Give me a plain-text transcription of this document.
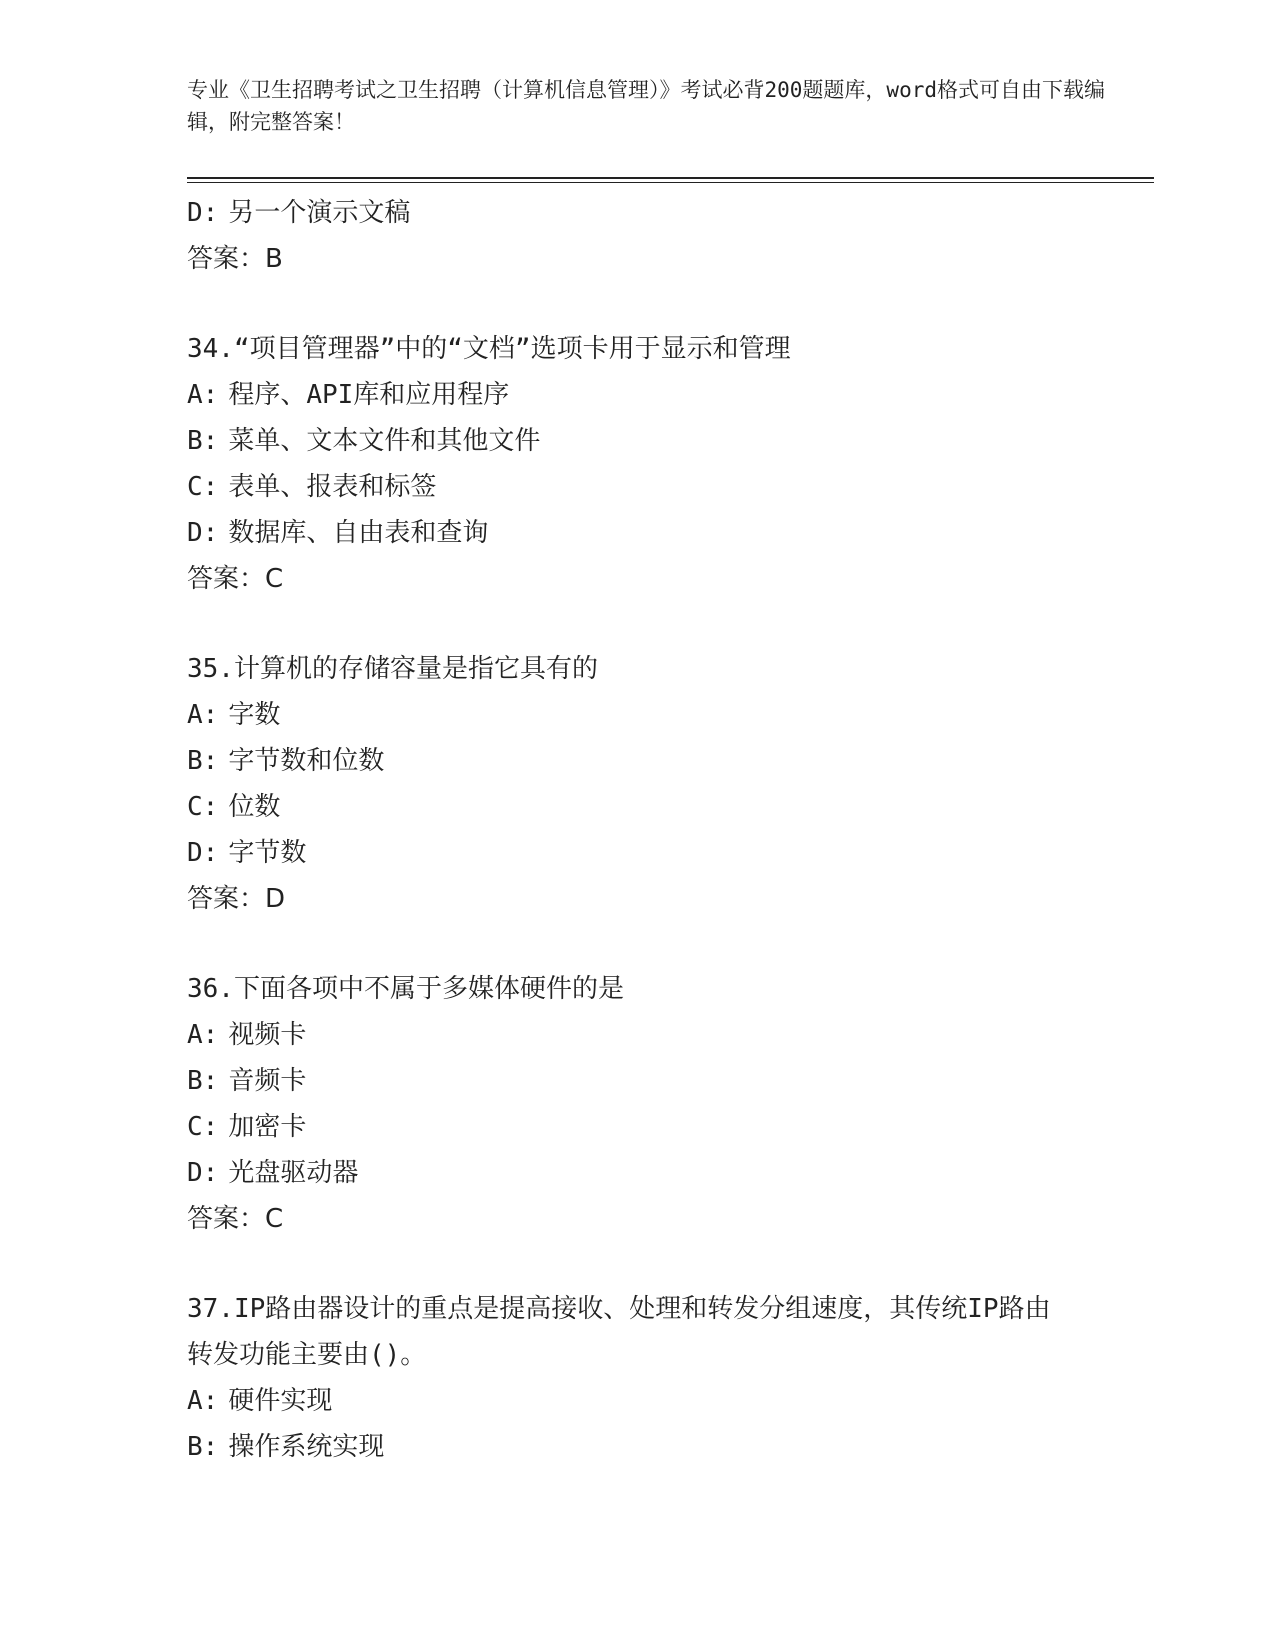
专业《卫生招聘考试之卫生招聘（计算机信息管理）》考试必背200题题库，word格式可自由下载编辑，附完整答案！
D: 另一个演示文稿
答案：B
34.“项目管理器”中的“文档”选项卡用于显示和管理
A: 程序、API库和应用程序
B: 菜单、文本文件和其他文件
C: 表单、报表和标签
D: 数据库、自由表和查询
答案：C
35.计算机的存储容量是指它具有的
A: 字数
B: 字节数和位数
C: 位数
D: 字节数
答案：D
36.下面各项中不属于多媒体硬件的是
A: 视频卡
B: 音频卡
C: 加密卡
D: 光盘驱动器
答案：C
37.IP路由器设计的重点是提高接收、处理和转发分组速度，其传统IP路由转发功能主要由()。
A: 硬件实现
B: 操作系统实现
